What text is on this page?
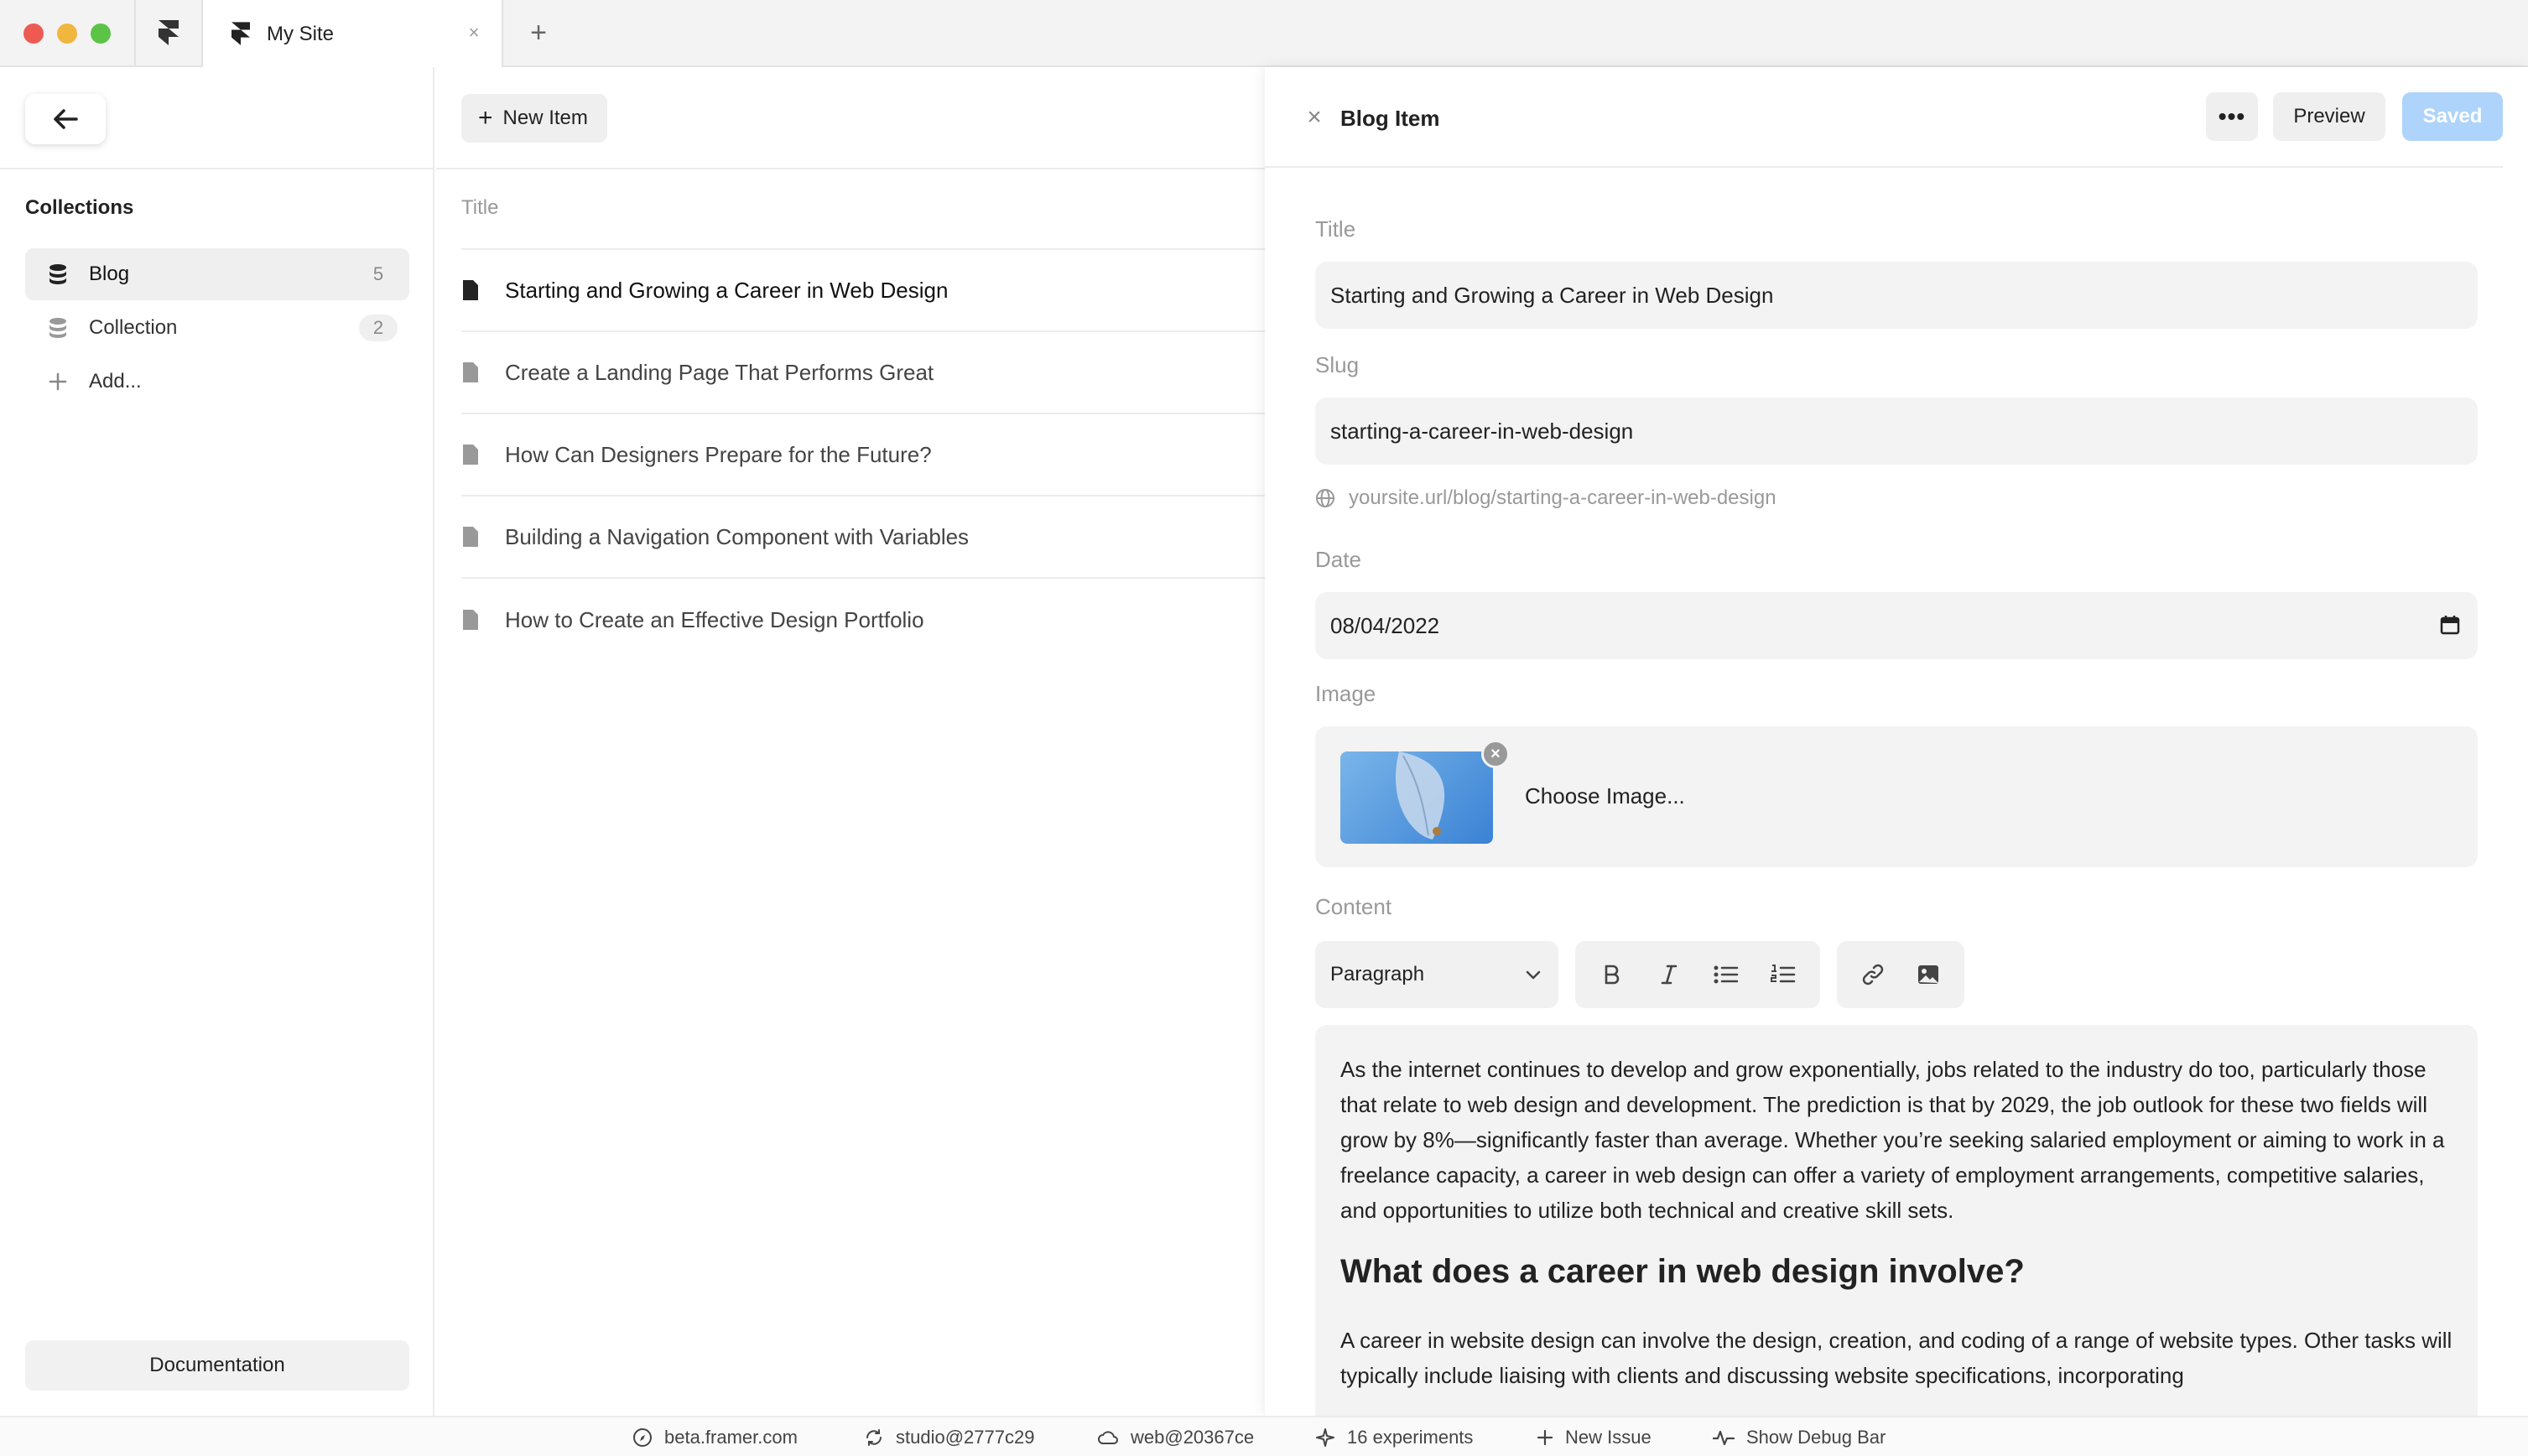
My Site	× +
Collections
Blog	5
Collection	2
Add...
Documentation
+ New Item
Title
Starting and Growing a Career in Web Design
Create a Landing Page That Performs Great
How Can Designers Prepare for the Future?
Building a Navigation Component with Variables
How to Create an Effective Design Portfolio
× Blog Item	•••	Preview	Saved
Title
Starting and Growing a Career in Web Design
Slug
starting-a-career-in-web-design
yoursite.url/blog/starting-a-career-in-web-design
Date
08/04/2022
Image
×
Choose Image...
Content
Paragraph

As the internet continues to develop and grow exponentially, jobs related to the industry do too, particularly those that relate to web design and development. The prediction is that by 2029, the job outlook for these two fields will grow by 8%—significantly faster than average. Whether you’re seeking salaried employment or aiming to work in a freelance capacity, a career in web design can offer a variety of employment arrangements, competitive salaries, and opportunities to utilize both technical and creative skill sets.

What does a career in web design involve?

A career in website design can involve the design, creation, and coding of a range of website types. Other tasks will typically include liaising with clients and discussing website specifications, incorporating

beta.framer.com	studio@2777c29	web@20367ce	16 experiments	New Issue	Show Debug Bar
